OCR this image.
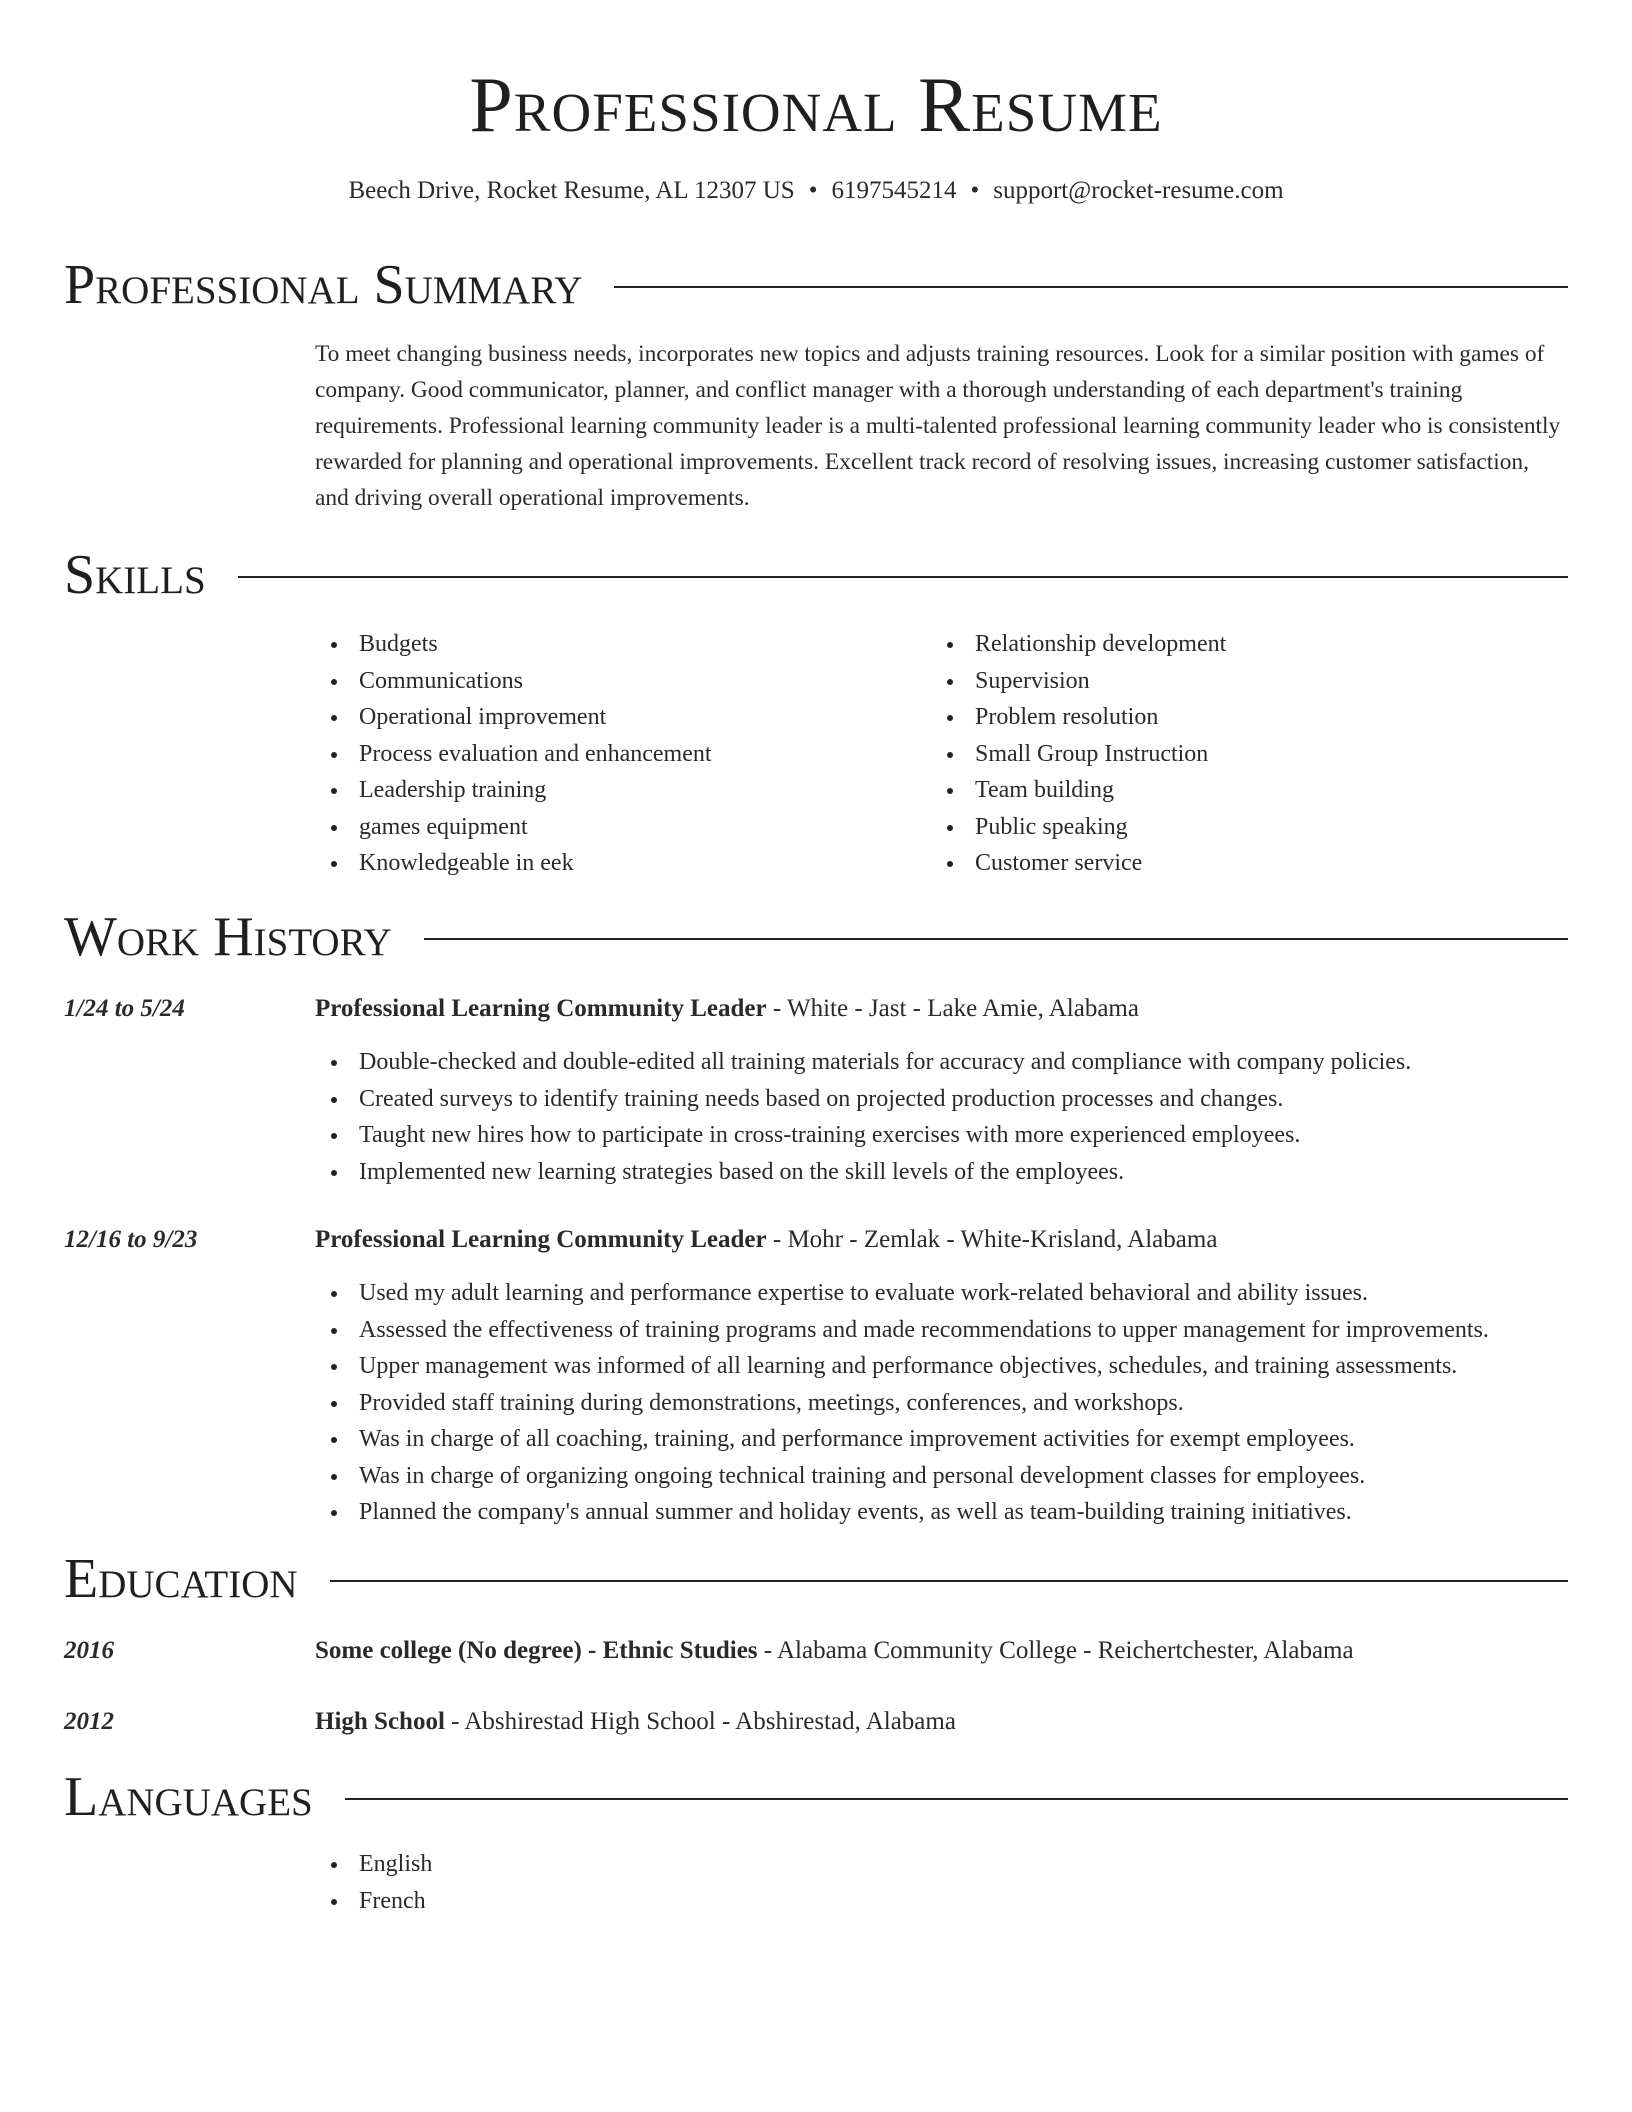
Professional Resume
Beech Drive, Rocket Resume, AL 12307 US • 6197545214 • support@rocket-resume.com
Professional Summary
To meet changing business needs, incorporates new topics and adjusts training resources. Look for a similar position with games of company. Good communicator, planner, and conflict manager with a thorough understanding of each department's training requirements. Professional learning community leader is a multi-talented professional learning community leader who is consistently rewarded for planning and operational improvements. Excellent track record of resolving issues, increasing customer satisfaction, and driving overall operational improvements.
Skills
Budgets
Communications
Operational improvement
Process evaluation and enhancement
Leadership training
games equipment
Knowledgeable in eek
Relationship development
Supervision
Problem resolution
Small Group Instruction
Team building
Public speaking
Customer service
Work History
1/24 to 5/24	Professional Learning Community Leader - White - Jast - Lake Amie, Alabama
Double-checked and double-edited all training materials for accuracy and compliance with company policies.
Created surveys to identify training needs based on projected production processes and changes.
Taught new hires how to participate in cross-training exercises with more experienced employees.
Implemented new learning strategies based on the skill levels of the employees.
12/16 to 9/23	Professional Learning Community Leader - Mohr - Zemlak - White-Krisland, Alabama
Used my adult learning and performance expertise to evaluate work-related behavioral and ability issues.
Assessed the effectiveness of training programs and made recommendations to upper management for improvements.
Upper management was informed of all learning and performance objectives, schedules, and training assessments.
Provided staff training during demonstrations, meetings, conferences, and workshops.
Was in charge of all coaching, training, and performance improvement activities for exempt employees.
Was in charge of organizing ongoing technical training and personal development classes for employees.
Planned the company's annual summer and holiday events, as well as team-building training initiatives.
Education
2016	Some college (No degree) - Ethnic Studies - Alabama Community College - Reichertchester, Alabama
2012	High School - Abshirestad High School - Abshirestad, Alabama
Languages
English
French
